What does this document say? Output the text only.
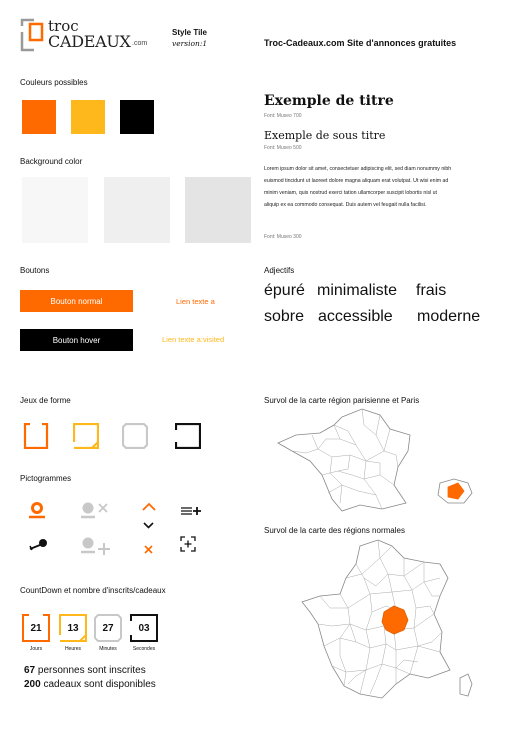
troc
CADEAUX .com
Style Tile
version:1	Troc-Cadeaux.com Site d'annonces gratuites
Couleurs possibles
Background color
Exemple de titre
Font: Museo 700
Exemple de sous titre
Font: Museo 500
Lorem ipsum dolor sit amet, consectetuer adipiscing elit, sed diam nonummy nibh
euismod tincidunt ut laoreet dolore magna aliquam erat volutpat. Ut wisi enim ad
minim veniam, quis nostrud exerci tation ullamcorper suscipit lobortis nisl ut
aliquip ex ea commodo consequat. Duis autem vel feugait nulla facilisi.
Font: Museo 300
Boutons
Bouton normal	Lien texte a
Bouton hover	Lien texte a:visited
Adjectifs
épuré minimaliste frais
sobre accessible moderne
Jeux de forme
Pictogrammes
CountDown et nombre d'inscrits/cadeaux
21
Jours
13
Heures
27
Minutes
03
Secondes
67 personnes sont inscrites
200 cadeaux sont disponibles
Survol de la carte région parisienne et Paris
Survol de la carte des régions normales
